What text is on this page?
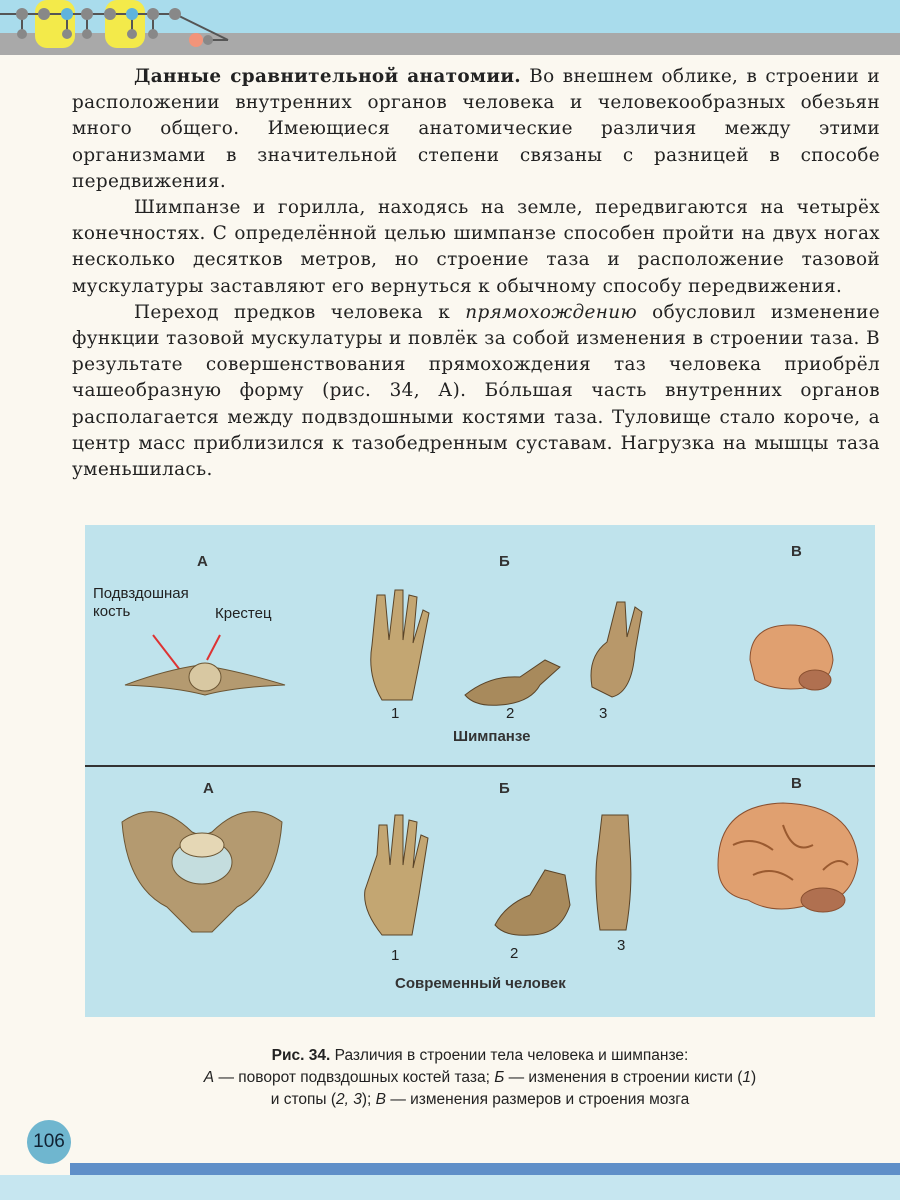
Данные сравнительной анатомии. Во внешнем облике, в строении и расположении внутренних органов человека и человекообразных обезьян много общего. Имеющиеся анатомические различия между этими организмами в значительной степени связаны с разницей в способе передвижения.

Шимпанзе и горилла, находясь на земле, передвигаются на четырёх конечностях. С определённой целью шимпанзе способен пройти на двух ногах несколько десятков метров, но строение таза и расположение тазовой мускулатуры заставляют его вернуться к обычному способу передвижения.

Переход предков человека к прямохождению обусловил изменение функции тазовой мускулатуры и повлёк за собой изменения в строении таза. В результате совершенствования прямохождения таз человека приобрёл чашеобразную форму (рис. 34, А). Бóльшая часть внутренних органов располагается между подвздошными костями таза. Туловище стало короче, а центр масс приблизился к тазобедренным суставам. Нагрузка на мышцы таза уменьшилась.

А	Б
В
Подвздошная кость	Крестец
1	2	3
Шимпанзе
А	Б	В
1	2	3
Современный человек
Рис. 34. Различия в строении тела человека и шимпанзе:
А — поворот подвздошных костей таза; Б — изменения в строении кисти (1)
и стопы (2, 3); В — изменения размеров и строения мозга
106
